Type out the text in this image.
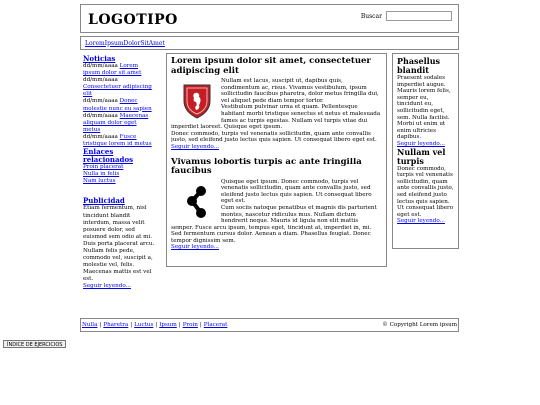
LOGOTIPO	Buscar
LoremIpsumDolorSitAmet
Noticias
dd/mm/aaaa Lorem ipsum dolor sit amet
dd/mm/aaaa Consectetuer adipiscing elit
dd/mm/aaaa Donec molestie nunc eu sapien
dd/mm/aaaa Maecenas aliquam dolor eget metus
dd/mm/aaaa Fusce tristique lorem id metus
Enlaces relacionados
Proin placerat
Nulla in felis
Nam luctus
Publicidad
Etiam fermentum, nisl tincidunt blandit interdum, massa velit posuere dolor, sed euismod sem odio at mi. Duis porta placerat arcu. Nullam felis pede, commodo vel, suscipit a, molestie vel, felis. Maecenas mattis est vel est.
Seguir leyendo...
Lorem ipsum dolor sit amet, consectetuer adipiscing elit
Nullam est lacus, suscipit ut, dapibus quis, condimentum ac, risus. Vivamus vestibulum, ipsum sollicitudin faucibus pharetra, dolor metus fringilla dui, vel aliquet pede diam tempor tortor.
Vestibulum pulvinar urna et quam. Pellentesque habitant morbi tristique senectus et netus et malesuada fames ac turpis egestas. Nullam vel turpis vitae dui imperdiet laoreet. Quisque eget ipsum.
Donec commodo, turpis vel venenatis sollicitudin, quam ante convallis justo, sed eleifend justo lectus quis sapien. Ut consequat libero eget est.
Seguir leyendo...
Vivamus lobortis turpis ac ante fringilla faucibus
Quisque eget ipsum. Donec commodo, turpis vel venenatis sollicitudin, quam ante convallis justo, sed eleifend justo lectus quis sapien. Ut consequat libero eget est.
Cum sociis natoque penatibus et magnis dis parturient montes, nascetur ridiculus mus. Nullam dictum hendrerit neque. Mauris id ligula non elit mattis semper. Fusce arcu ipsum, tempus eget, tincidunt at, imperdiet in, mi.
Sed fermentum cursus dolor. Aenean a diam. Phasellus feugiat. Donec tempor dignissim sem.
Seguir leyendo...
Phasellus blandit
Praesent sodales imperdiet augue. Mauris lorem felis, semper eu, tincidunt eu, sollicitudin eget, sem. Nulla facilisi. Morbi ut enim ut enim ultricies dapibus.
Seguir leyendo...
Nullam vel turpis
Donec commodo, turpis vel venenatis sollicitudin, quam ante convallis justo, sed eleifend justo lectus quis sapien. Ut consequat libero eget est.
Seguir leyendo...
Nulla | Pharetra | Luctus | Ipsum | Proin | Placerat	© Copyright Lorem ipsum
ÍNDICE DE EJERCICIOS
